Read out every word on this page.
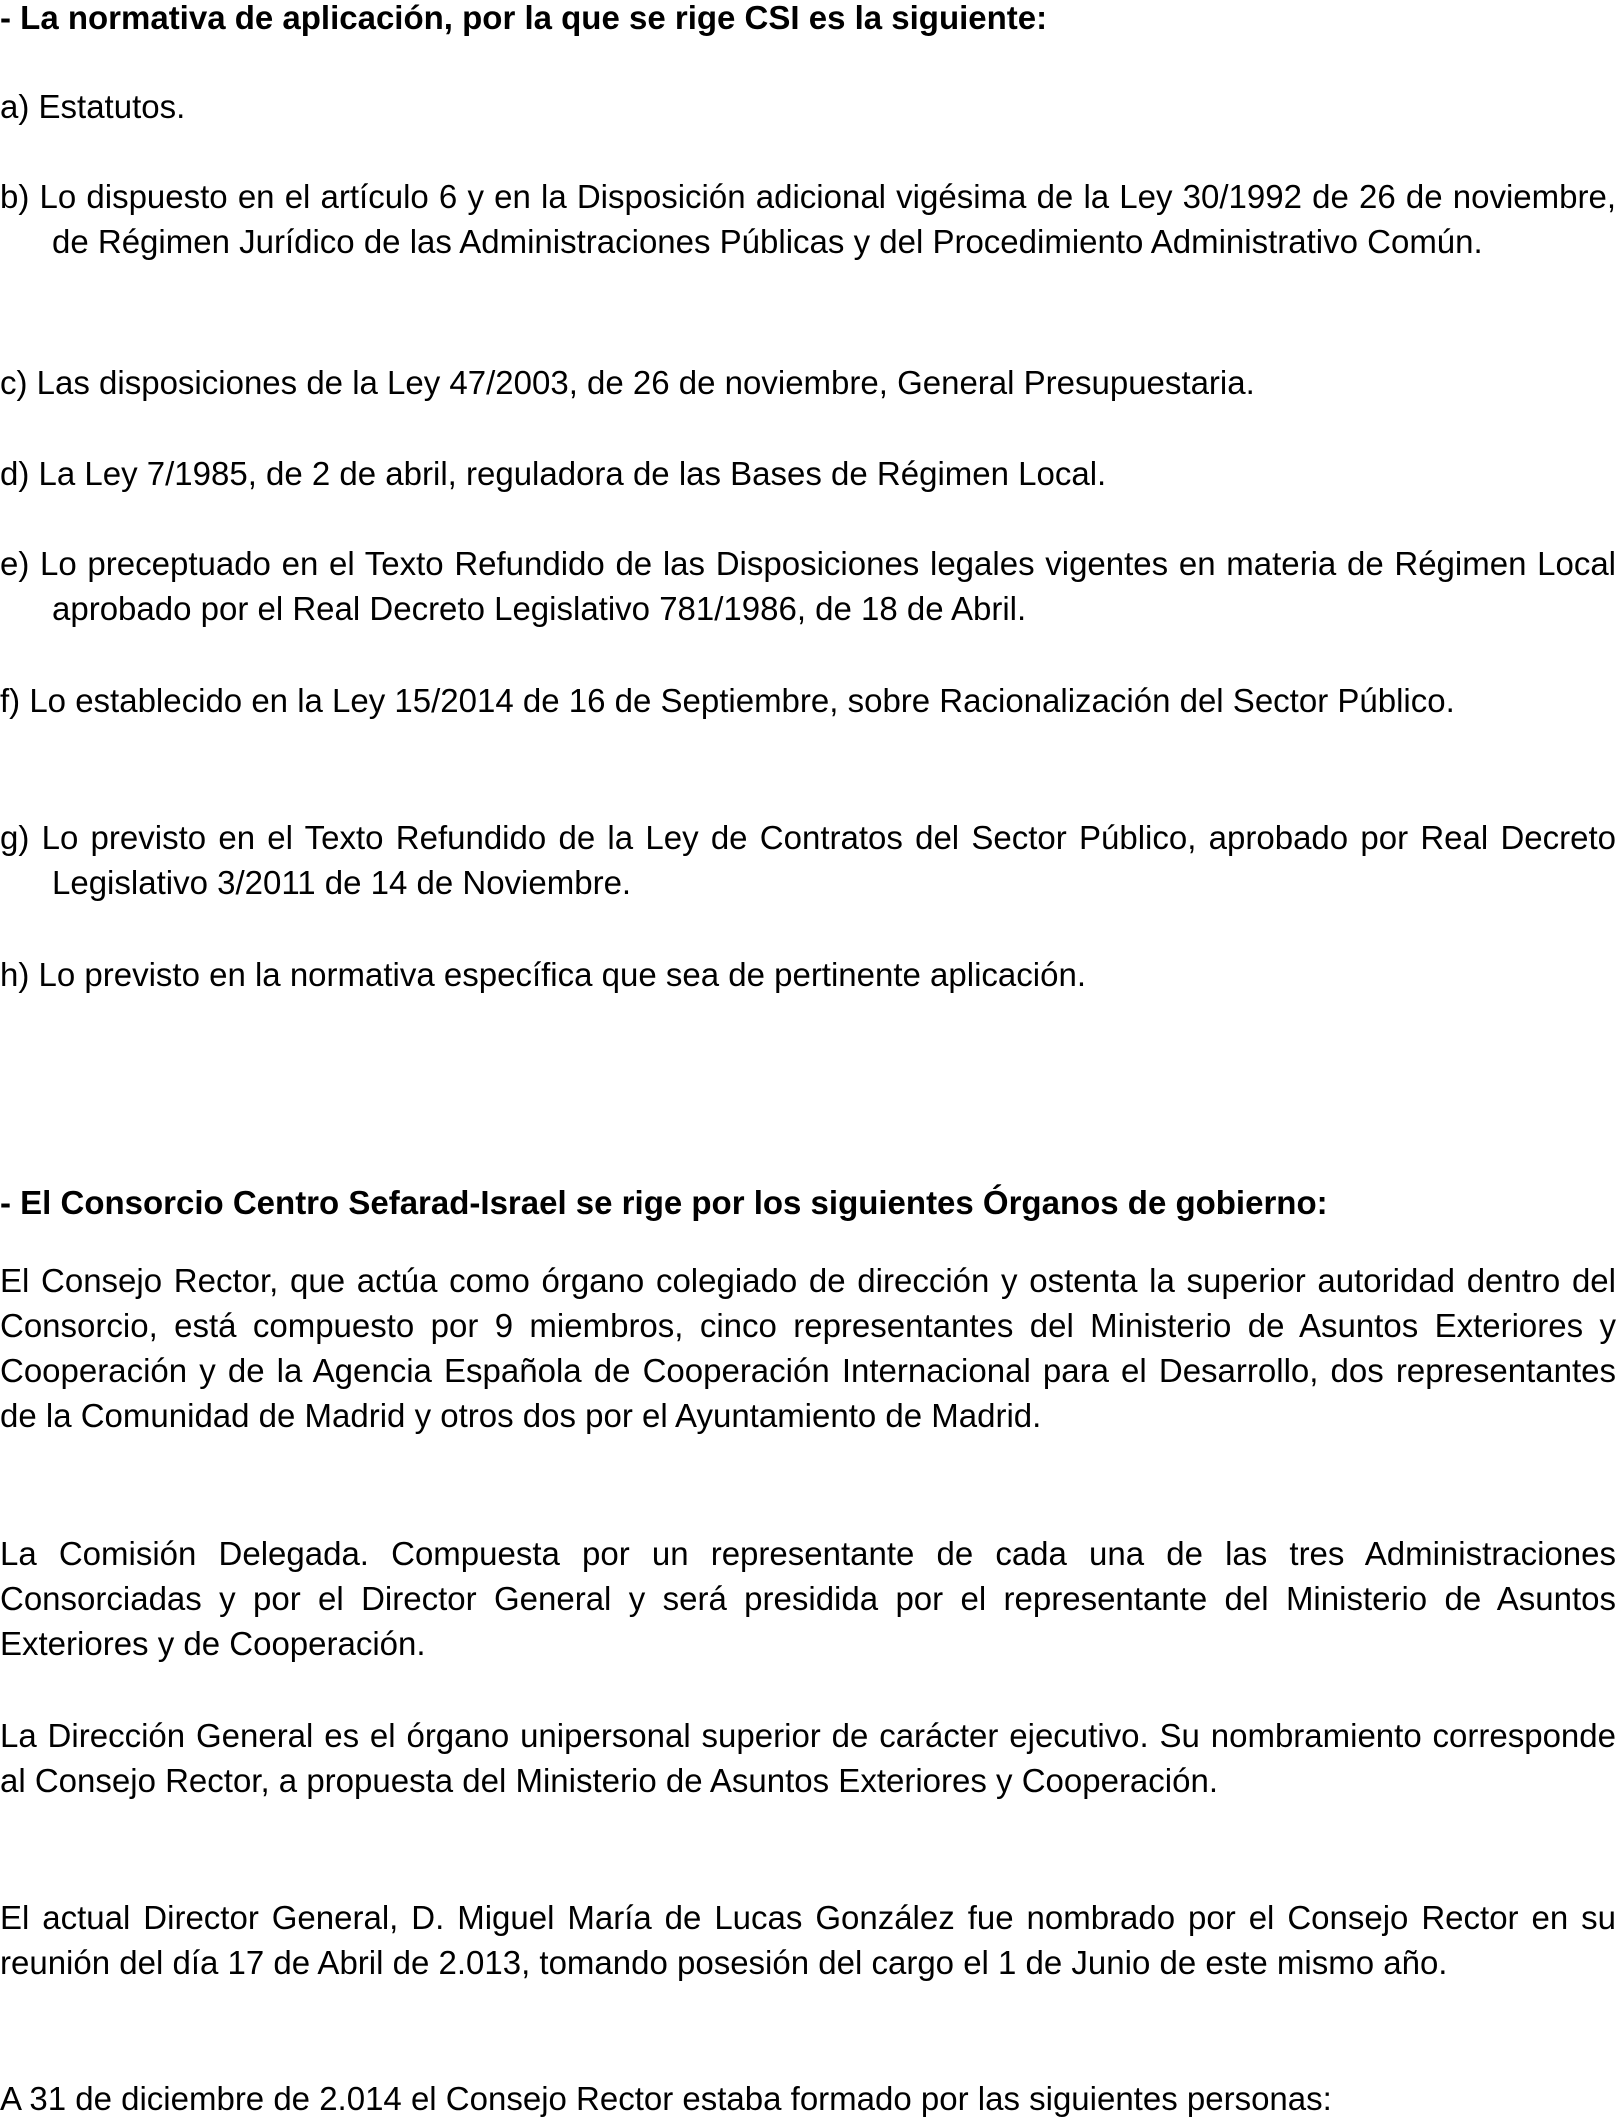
- La normativa de aplicación, por la que se rige CSI es la siguiente:

a) Estatutos.

b) Lo dispuesto en el artículo 6 y en la Disposición adicional vigésima de la Ley 30/1992 de 26 de noviembre, de Régimen Jurídico de las Administraciones Públicas y del Procedimiento Administrativo Común.

c) Las disposiciones de la Ley 47/2003, de 26 de noviembre, General Presupuestaria.

d) La Ley 7/1985, de 2 de abril, reguladora de las Bases de Régimen Local.

e) Lo preceptuado en el Texto Refundido de las Disposiciones legales vigentes en materia de Régimen Local aprobado por el Real Decreto Legislativo 781/1986, de 18 de Abril.

f) Lo establecido en la Ley 15/2014 de 16 de Septiembre, sobre Racionalización del Sector Público.

g) Lo previsto en el Texto Refundido de la Ley de Contratos del Sector Público, aprobado por Real Decreto Legislativo 3/2011 de 14 de Noviembre.

h) Lo previsto en la normativa específica que sea de pertinente aplicación.

- El Consorcio Centro Sefarad-Israel se rige por los siguientes Órganos de gobierno:

El Consejo Rector, que actúa como órgano colegiado de dirección y ostenta la superior autoridad dentro del Consorcio, está compuesto por 9 miembros, cinco representantes del Ministerio de Asuntos Exteriores y Cooperación y de la Agencia Española de Cooperación Internacional para el Desarrollo, dos representantes de la Comunidad de Madrid y otros dos por el Ayuntamiento de Madrid.

La Comisión Delegada. Compuesta por un representante de cada una de las tres Administraciones Consorciadas y por el Director General y será presidida por el representante del Ministerio de Asuntos Exteriores y de Cooperación.

La Dirección General es el órgano unipersonal superior de carácter ejecutivo. Su nombramiento corresponde al Consejo Rector, a propuesta del Ministerio de Asuntos Exteriores y Cooperación.

El actual Director General, D. Miguel María de Lucas González fue nombrado por el Consejo Rector en su reunión del día 17 de Abril de 2.013, tomando posesión del cargo el 1 de Junio de este mismo año.

A 31 de diciembre de 2.014 el Consejo Rector estaba formado por las siguientes personas:
